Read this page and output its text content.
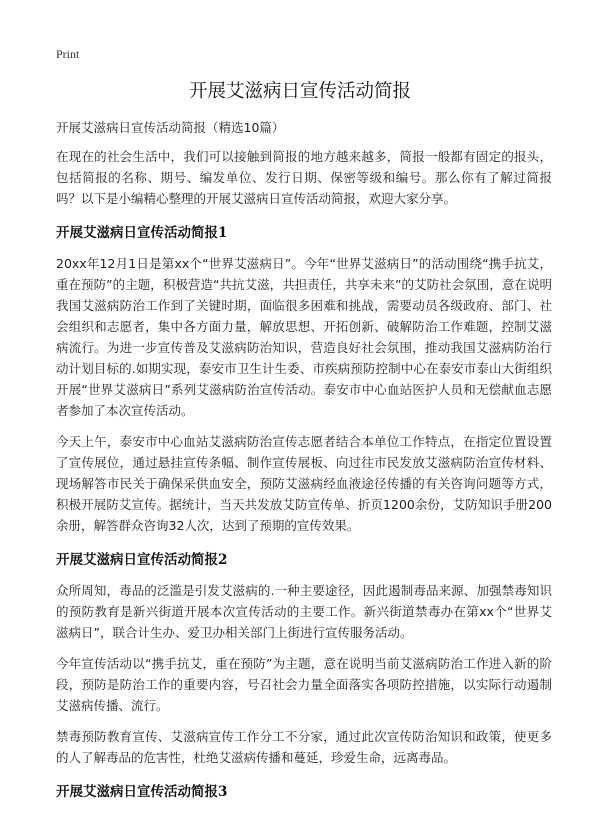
Print
开展艾滋病日宣传活动简报
开展艾滋病日宣传活动简报（精选10篇）

在现在的社会生活中，我们可以接触到简报的地方越来越多，简报一般都有固定的报头，包括简报的名称、期号、编发单位、发行日期、保密等级和编号。那么你有了解过简报吗？以下是小编精心整理的开展艾滋病日宣传活动简报，欢迎大家分享。

开展艾滋病日宣传活动简报1

20xx年12月1日是第xx个“世界艾滋病日”。今年“世界艾滋病日”的活动围绕“携手抗艾，重在预防”的主题，积极营造“共抗艾滋，共担责任，共享未来”的艾防社会氛围，意在说明我国艾滋病防治工作到了关键时期，面临很多困难和挑战，需要动员各级政府、部门、社会组织和志愿者，集中各方面力量，解放思想、开拓创新、破解防治工作难题，控制艾滋病流行。为进一步宣传普及艾滋病防治知识，营造良好社会氛围，推动我国艾滋病防治行动计划目标的.如期实现，泰安市卫生计生委、市疾病预防控制中心在泰安市泰山大街组织开展“世界艾滋病日”系列艾滋病防治宣传活动。泰安市中心血站医护人员和无偿献血志愿者参加了本次宣传活动。

今天上午，泰安市中心血站艾滋病防治宣传志愿者结合本单位工作特点，在指定位置设置了宣传展位，通过悬挂宣传条幅、制作宣传展板、向过往市民发放艾滋病防治宣传材料、现场解答市民关于确保采供血安全，预防艾滋病经血液途径传播的有关咨询问题等方式，积极开展防艾宣传。据统计，当天共发放艾防宣传单、折页1200余份，艾防知识手册200余册，解答群众咨询32人次，达到了预期的宣传效果。

开展艾滋病日宣传活动简报2

众所周知，毒品的泛滥是引发艾滋病的.一种主要途径，因此遏制毒品来源、加强禁毒知识的预防教育是新兴街道开展本次宣传活动的主要工作。新兴街道禁毒办在第xx个“世界艾滋病日”，联合计生办、爱卫办相关部门上街进行宣传服务活动。

今年宣传活动以“携手抗艾，重在预防”为主题，意在说明当前艾滋病防治工作进入新的阶段，预防是防治工作的重要内容，号召社会力量全面落实各项防控措施，以实际行动遏制艾滋病传播、流行。

禁毒预防教育宣传、艾滋病宣传工作分工不分家，通过此次宣传防治知识和政策，使更多的人了解毒品的危害性，杜绝艾滋病传播和蔓延，珍爱生命，远离毒品。

开展艾滋病日宣传活动简报3
